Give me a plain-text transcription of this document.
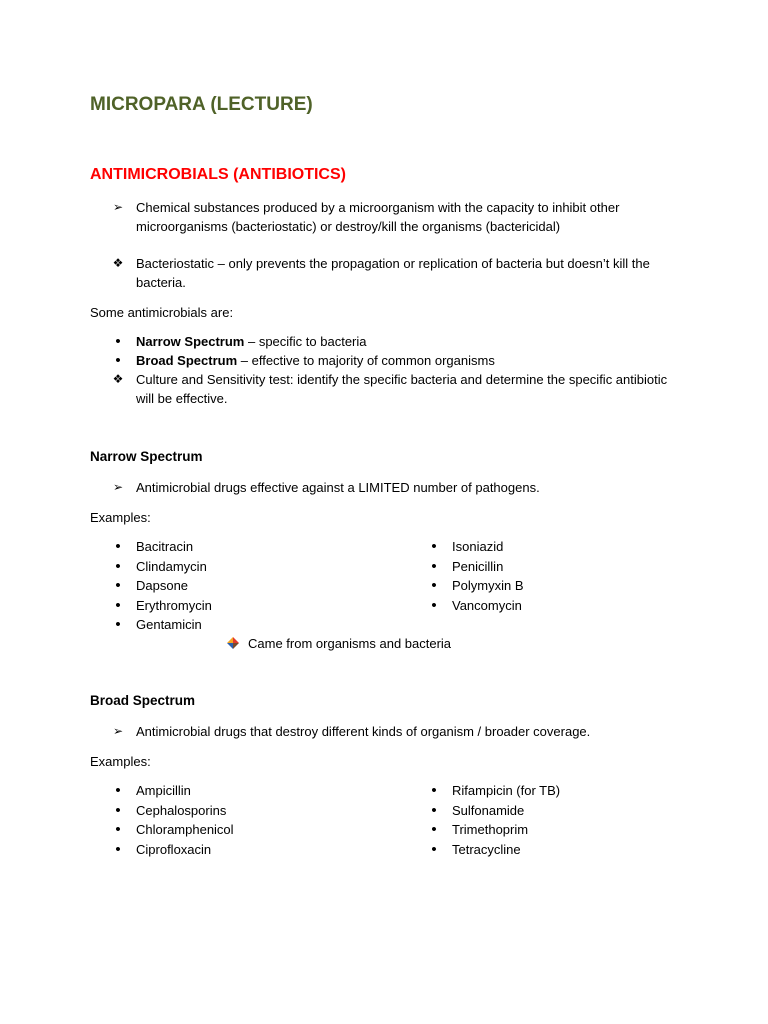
MICROPARA (LECTURE)
ANTIMICROBIALS (ANTIBIOTICS)
➢ Chemical substances produced by a microorganism with the capacity to inhibit other
microorganisms (bacteriostatic) or destroy/kill the organisms (bactericidal)
❖ Bacteriostatic – only prevents the propagation or replication of bacteria but doesn’t kill the
bacteria.
Some antimicrobials are:
•	Narrow Spectrum – specific to bacteria
•	Broad Spectrum – effective to majority of common organisms
❖ Culture and Sensitivity test: identify the specific bacteria and determine the specific antibiotic
will be effective.
Narrow Spectrum
➢ Antimicrobial drugs effective against a LIMITED number of pathogens.
Examples:
•	Bacitracin
•	Clindamycin
•	Dapsone
•	Erythromycin
•	Gentamicin
•	Isoniazid
•	Penicillin
•	Polymyxin B
•	Vancomycin
Came from organisms and bacteria
Broad Spectrum
➢ Antimicrobial drugs that destroy different kinds of organism / broader coverage.
Examples:
•	Ampicillin
•	Cephalosporins
•	Chloramphenicol
•	Ciprofloxacin
•	Rifampicin (for TB)
•	Sulfonamide
•	Trimethoprim
•	Tetracycline
